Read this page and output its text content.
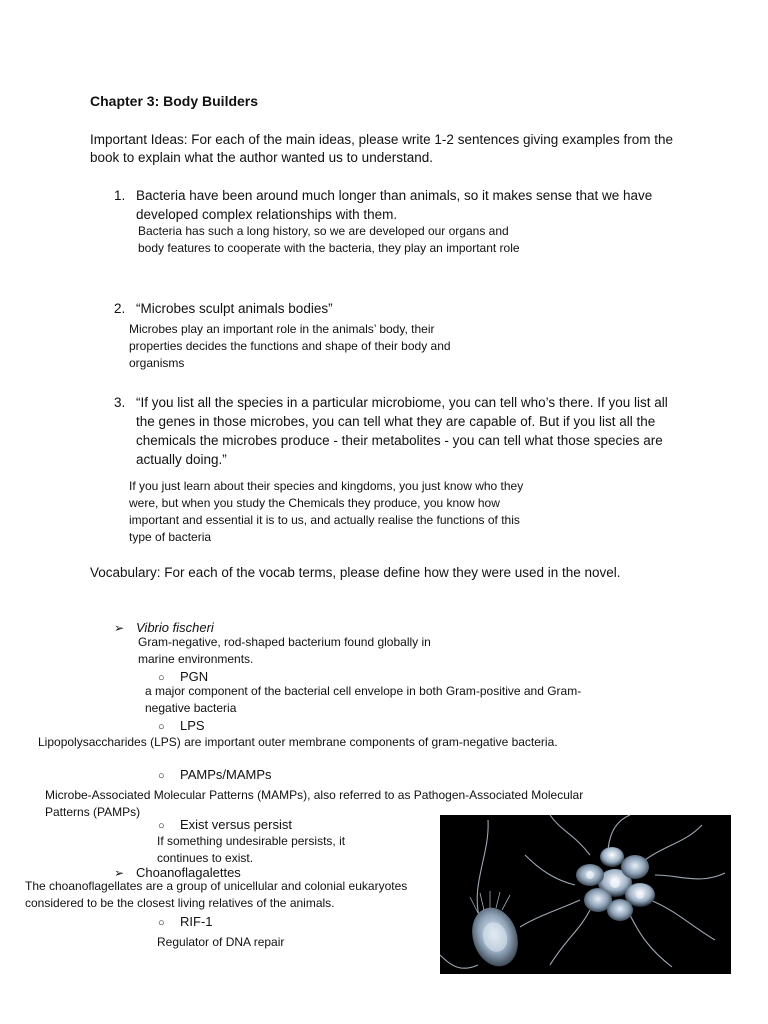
Chapter 3: Body Builders
Important Ideas: For each of the main ideas, please write 1-2 sentences giving examples from the book to explain what the author wanted us to understand.
1. Bacteria have been around much longer than animals, so it makes sense that we have developed complex relationships with them.
Bacteria has such a long history, so we are developed our organs and body features to cooperate with the bacteria, they play an important role
2. “Microbes sculpt animals bodies”
Microbes play an important role in the animals’ body, their properties decides the functions and shape of their body and organisms
3. “If you list all the species in a particular microbiome, you can tell who’s there. If you list all the genes in those microbes, you can tell what they are capable of. But if you list all the chemicals the microbes produce - their metabolites - you can tell what those species are actually doing.”
If you just learn about their species and kingdoms, you just know who they were, but when you study the Chemicals they produce, you know how important and essential it is to us, and actually realise the functions of this type of bacteria
Vocabulary: For each of the vocab terms, please define how they were used in the novel.
➢ Vibrio fischeri
Gram-negative, rod-shaped bacterium found globally in marine environments.
○ PGN
a major component of the bacterial cell envelope in both Gram-positive and Gram-negative bacteria
○ LPS
Lipopolysaccharides (LPS) are important outer membrane components of gram-negative bacteria.
○ PAMPs/MAMPs
Microbe-Associated Molecular Patterns (MAMPs), also referred to as Pathogen-Associated Molecular Patterns (PAMPs)
○ Exist versus persist
If something undesirable persists, it continues to exist.
➢ Choanoflagalettes
The choanoflagellates are a group of unicellular and colonial eukaryotes considered to be the closest living relatives of the animals.
○ RIF-1
Regulator of DNA repair
